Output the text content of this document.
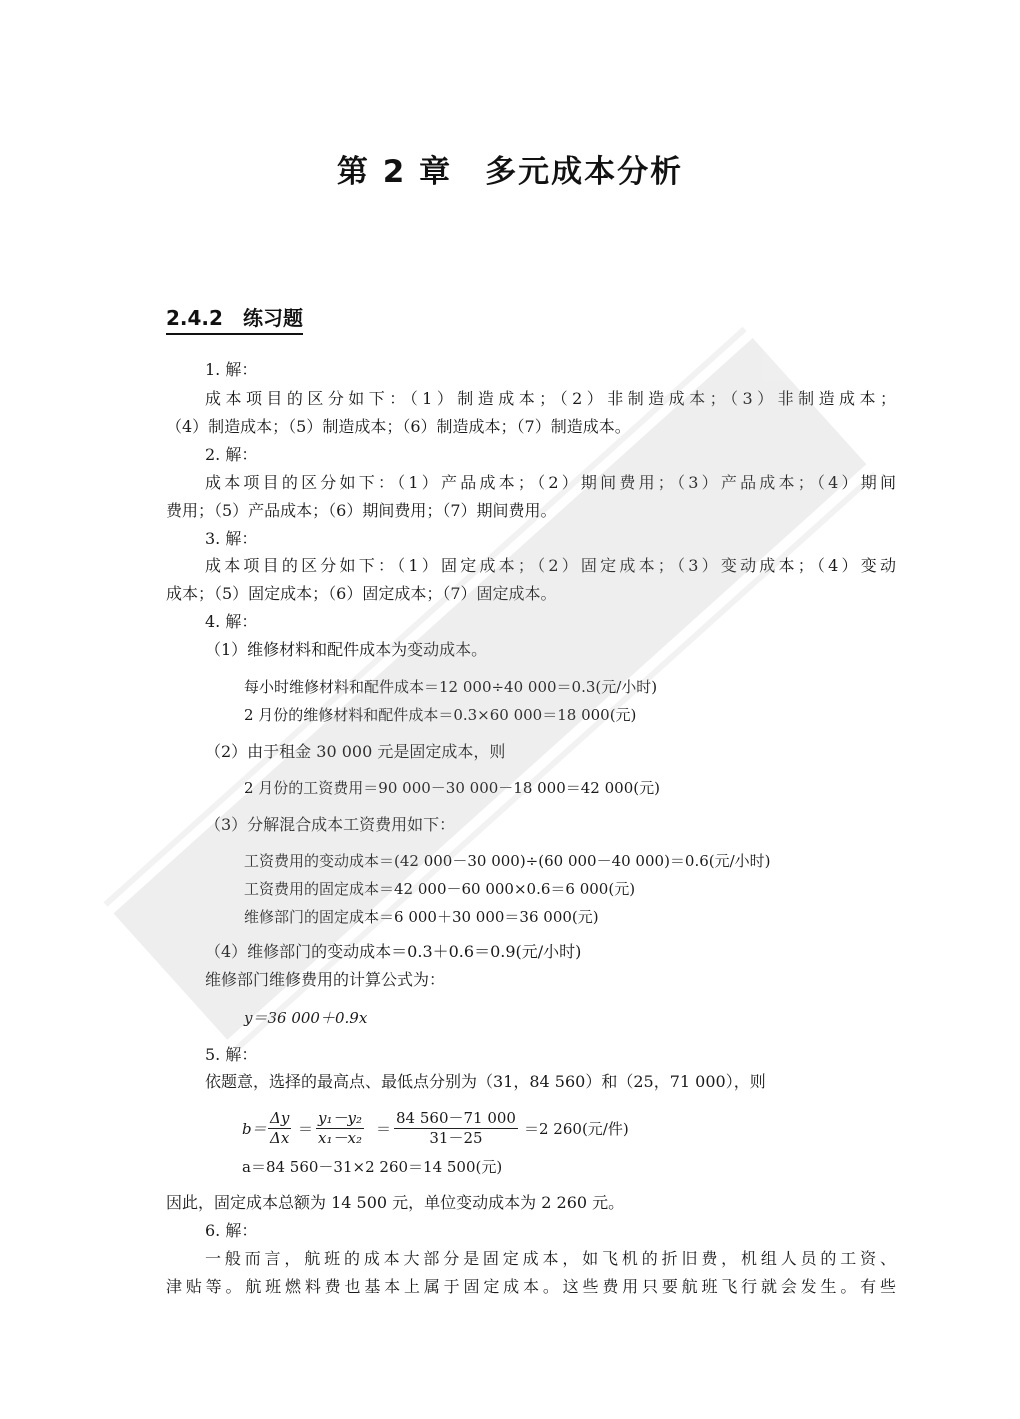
第 2 章　多元成本分析
2.4.2　练习题
1. 解：
成本项目的区分如下：（1）制造成本；（2）非制造成本；（3）非制造成本；
（4）制造成本；（5）制造成本；（6）制造成本；（7）制造成本。
2. 解：
成本项目的区分如下：（1）产品成本；（2）期间费用；（3）产品成本；（4）期间
费用；（5）产品成本；（6）期间费用；（7）期间费用。
3. 解：
成本项目的区分如下：（1）固定成本；（2）固定成本；（3）变动成本；（4）变动
成本；（5）固定成本；（6）固定成本；（7）固定成本。
4. 解：
（1）维修材料和配件成本为变动成本。
每小时维修材料和配件成本＝12 000÷40 000＝0.3(元/小时)
2 月份的维修材料和配件成本＝0.3×60 000＝18 000(元)
（2）由于租金 30 000 元是固定成本，则
2 月份的工资费用＝90 000－30 000－18 000＝42 000(元)
（3）分解混合成本工资费用如下：
工资费用的变动成本＝(42 000－30 000)÷(60 000－40 000)＝0.6(元/小时)
工资费用的固定成本＝42 000－60 000×0.6＝6 000(元)
维修部门的固定成本＝6 000＋30 000＝36 000(元)
（4）维修部门的变动成本＝0.3＋0.6＝0.9(元/小时)
维修部门维修费用的计算公式为：
y＝36 000＋0.9x
5. 解：
依题意，选择的最高点、最低点分别为（31，84 560）和（25，71 000），则
$b= \frac{\Delta y}{\Delta x} = \frac{\text{y₁－y₂}}{\text{x₁－x₂}} = \frac{84 560-71 000}{31-25} =2$ 260(元/件)
a＝84 560－31×2 260＝14 500(元)
因此，固定成本总额为 14 500 元，单位变动成本为 2 260 元。
6. 解：
一般而言，航班的成本大部分是固定成本，如飞机的折旧费，机组人员的工资、
津贴等。航班燃料费也基本上属于固定成本。这些费用只要航班飞行就会发生。有些
